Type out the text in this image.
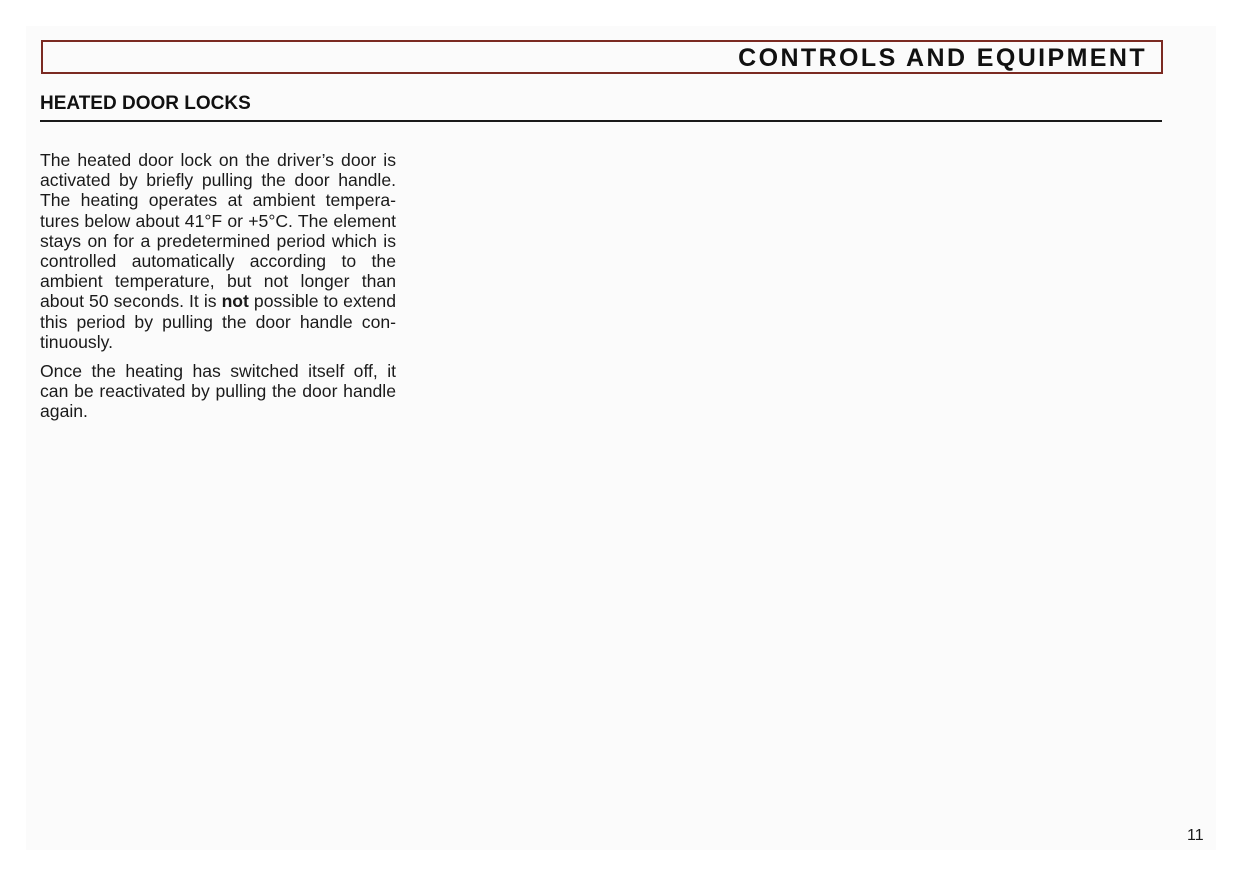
CONTROLS AND EQUIPMENT
HEATED DOOR LOCKS

The heated door lock on the driver’s door is activated by briefly pulling the door handle. The heating operates at ambient temperatures below about 41°F or +5°C. The element stays on for a predetermined period which is controlled automatically according to the ambient temperature, but not longer than about 50 seconds. It is not possible to extend this period by pulling the door handle continuously.

Once the heating has switched itself off, it can be reactivated by pulling the door handle again.

11
